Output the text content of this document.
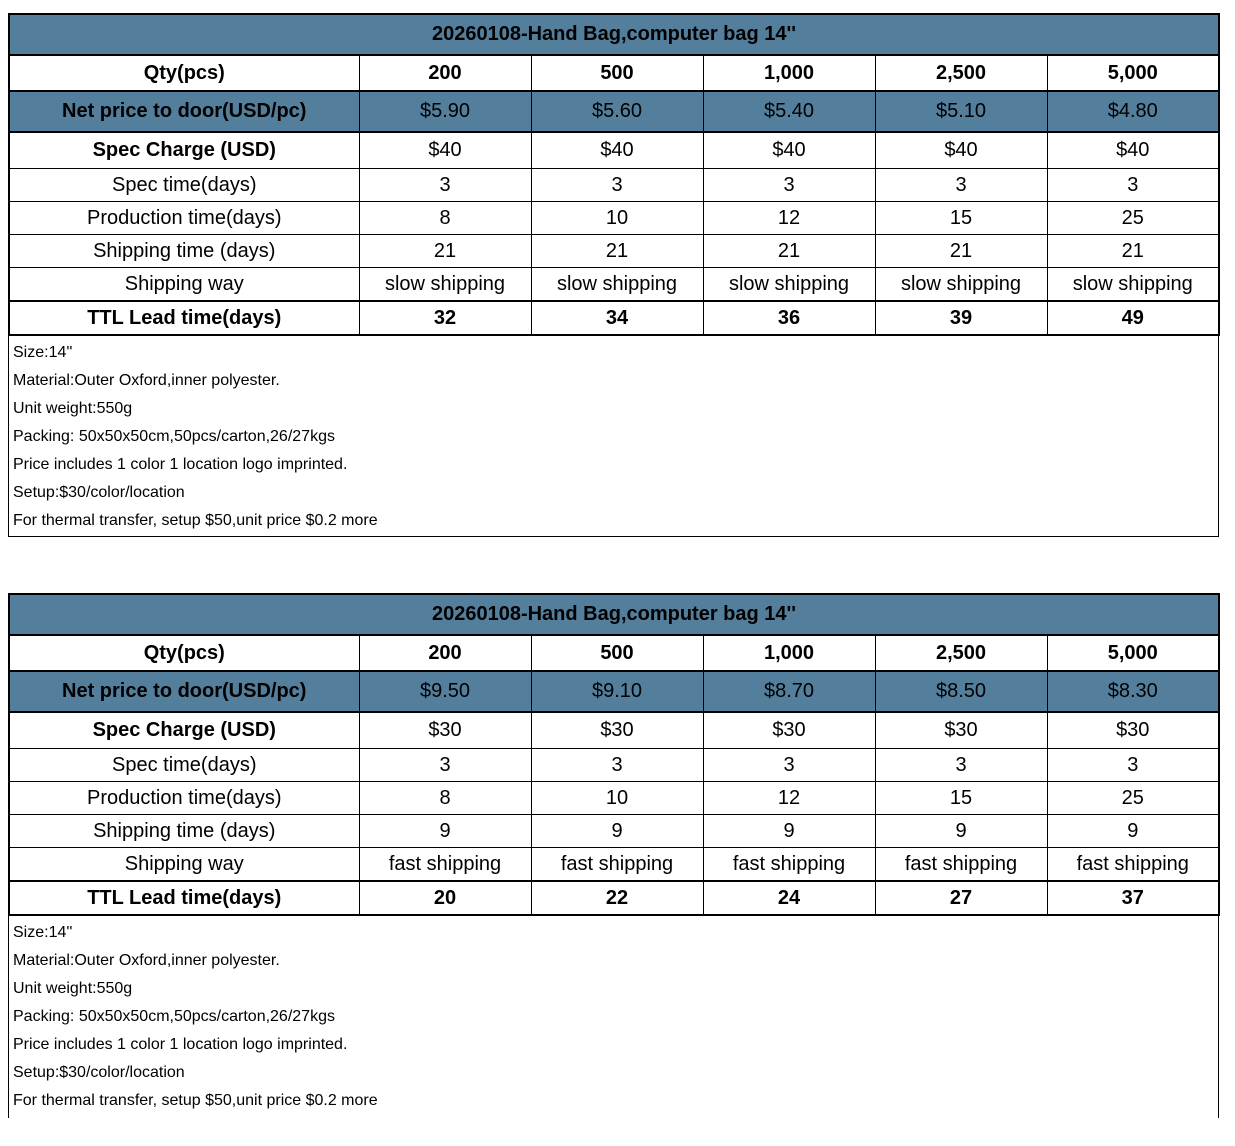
20260108-Hand Bag,computer bag 14''					
Qty(pcs)	200	500	1,000	2,500	5,000
Net price to door(USD/pc)	$5.90	$5.60	$5.40	$5.10	$4.80
Spec Charge (USD)	$40	$40	$40	$40	$40
Spec time(days)	3	3	3	3	3
Production time(days)	8	10	12	15	25
Shipping time (days)	21	21	21	21	21
Shipping way	slow shipping	slow shipping	slow shipping	slow shipping	slow shipping
TTL Lead time(days)	32	34	36	39	49
Size:14''
Material:Outer Oxford,inner polyester.
Unit weight:550g
Packing: 50x50x50cm,50pcs/carton,26/27kgs
Price includes 1 color 1 location logo imprinted.
Setup:$30/color/location
For thermal transfer, setup $50,unit price $0.2 more
20260108-Hand Bag,computer bag 14''					
Qty(pcs)	200	500	1,000	2,500	5,000
Net price to door(USD/pc)	$9.50	$9.10	$8.70	$8.50	$8.30
Spec Charge (USD)	$30	$30	$30	$30	$30
Spec time(days)	3	3	3	3	3
Production time(days)	8	10	12	15	25
Shipping time (days)	9	9	9	9	9
Shipping way	fast shipping	fast shipping	fast shipping	fast shipping	fast shipping
TTL Lead time(days)	20	22	24	27	37
Size:14''
Material:Outer Oxford,inner polyester.
Unit weight:550g
Packing: 50x50x50cm,50pcs/carton,26/27kgs
Price includes 1 color 1 location logo imprinted.
Setup:$30/color/location
For thermal transfer, setup $50,unit price $0.2 more
